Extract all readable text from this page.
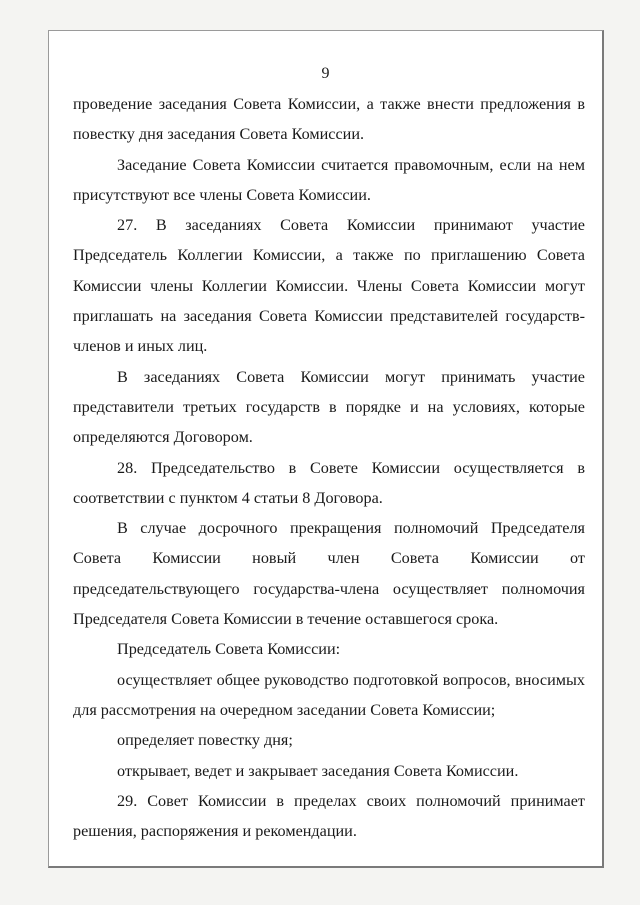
9
проведение заседания Совета Комиссии, а также внести предложения в
повестку дня заседания Совета Комиссии.
Заседание Совета Комиссии считается правомочным, если на нем
присутствуют все члены Совета Комиссии.
27. В заседаниях Совета Комиссии принимают участие
Председатель Коллегии Комиссии, а также по приглашению Совета
Комиссии члены Коллегии Комиссии. Члены Совета Комиссии могут
приглашать на заседания Совета Комиссии представителей государств-
членов и иных лиц.
В заседаниях Совета Комиссии могут принимать участие
представители третьих государств в порядке и на условиях, которые
определяются Договором.
28. Председательство в Совете Комиссии осуществляется в
соответствии с пунктом 4 статьи 8 Договора.
В случае досрочного прекращения полномочий Председателя
Совета Комиссии новый член Совета Комиссии от
председательствующего государства-члена осуществляет полномочия
Председателя Совета Комиссии в течение оставшегося срока.
Председатель Совета Комиссии:
осуществляет общее руководство подготовкой вопросов, вносимых
для рассмотрения на очередном заседании Совета Комиссии;
определяет повестку дня;
открывает, ведет и закрывает заседания Совета Комиссии.
29. Совет Комиссии в пределах своих полномочий принимает
решения, распоряжения и рекомендации.
